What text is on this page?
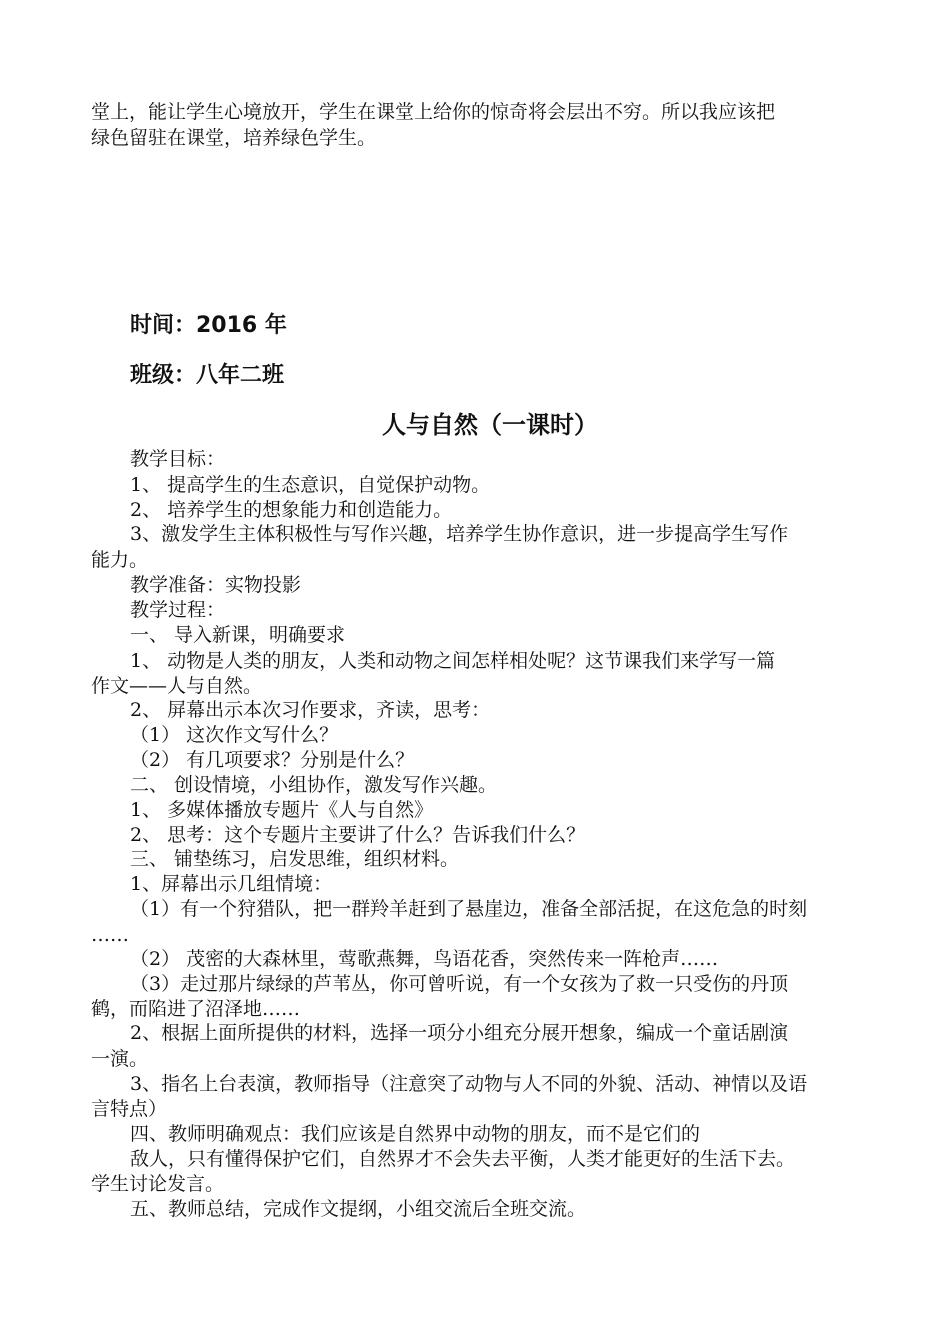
堂上，能让学生心境放开，学生在课堂上给你的惊奇将会层出不穷。所以我应该把
绿色留驻在课堂，培养绿色学生。
时间：2016 年
班级：八年二班
人与自然（一课时）
教学目标：
1、 提高学生的生态意识，自觉保护动物。
2、 培养学生的想象能力和创造能力。
3、激发学生主体积极性与写作兴趣，培养学生协作意识，进一步提高学生写作
能力。
教学准备：实物投影
教学过程：
一、 导入新课，明确要求
1、 动物是人类的朋友，人类和动物之间怎样相处呢？这节课我们来学写一篇
作文——人与自然。
2、 屏幕出示本次习作要求，齐读，思考：
（1） 这次作文写什么？
（2） 有几项要求？分别是什么？
二、 创设情境，小组协作，激发写作兴趣。
1、 多媒体播放专题片《人与自然》
2、 思考：这个专题片主要讲了什么？告诉我们什么？
三、 铺垫练习，启发思维，组织材料。
1、屏幕出示几组情境：
（1）有一个狩猎队，把一群羚羊赶到了悬崖边，准备全部活捉，在这危急的时刻
……
（2） 茂密的大森林里，莺歌燕舞，鸟语花香，突然传来一阵枪声……
（3）走过那片绿绿的芦苇丛，你可曾听说，有一个女孩为了救一只受伤的丹顶
鹤，而陷进了沼泽地……
2、根据上面所提供的材料，选择一项分小组充分展开想象，编成一个童话剧演
一演。
3、指名上台表演，教师指导（注意突了动物与人不同的外貌、活动、神情以及语
言特点）
四、教师明确观点：我们应该是自然界中动物的朋友，而不是它们的
敌人，只有懂得保护它们，自然界才不会失去平衡，人类才能更好的生活下去。
学生讨论发言。
五、教师总结，完成作文提纲，小组交流后全班交流。
